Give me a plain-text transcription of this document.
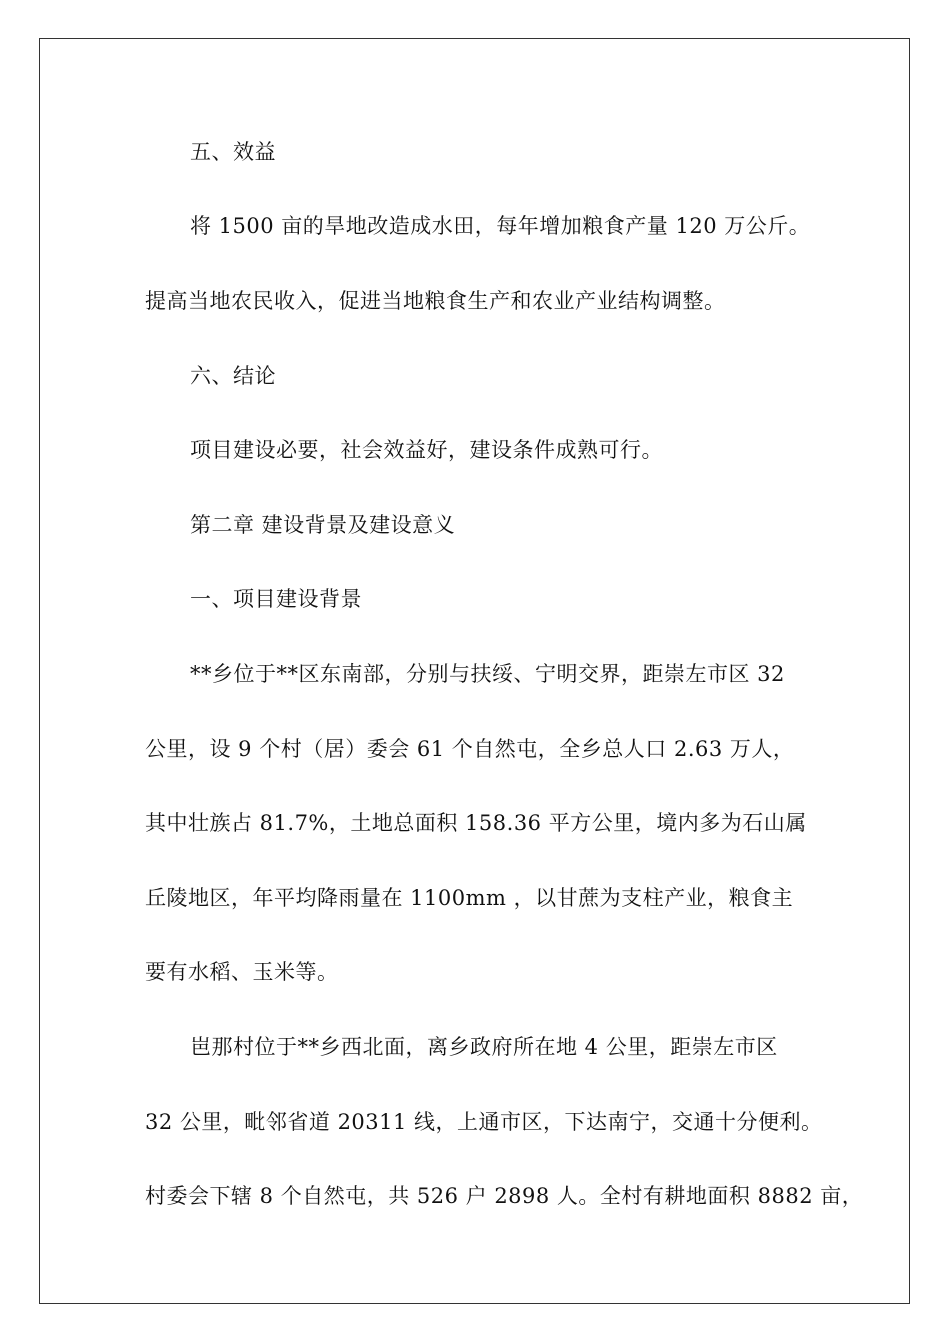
五、效益
将 1500 亩的旱地改造成水田，每年增加粮食产量 120 万公斤。
提高当地农民收入，促进当地粮食生产和农业产业结构调整。
六、结论
项目建设必要，社会效益好，建设条件成熟可行。
第二章 建设背景及建设意义
一、项目建设背景
**乡位于**区东南部，分别与扶绥、宁明交界，距崇左市区 32
公里，设 9 个村（居）委会 61 个自然屯，全乡总人口 2.63 万人，
其中壮族占 81.7%，土地总面积 158.36 平方公里，境内多为石山属
丘陵地区，年平均降雨量在 1100mm ，以甘蔗为支柱产业，粮食主
要有水稻、玉米等。
岜那村位于**乡西北面，离乡政府所在地 4 公里，距崇左市区
32 公里，毗邻省道 20311 线，上通市区，下达南宁，交通十分便利。
村委会下辖 8 个自然屯，共 526 户 2898 人。全村有耕地面积 8882 亩，
